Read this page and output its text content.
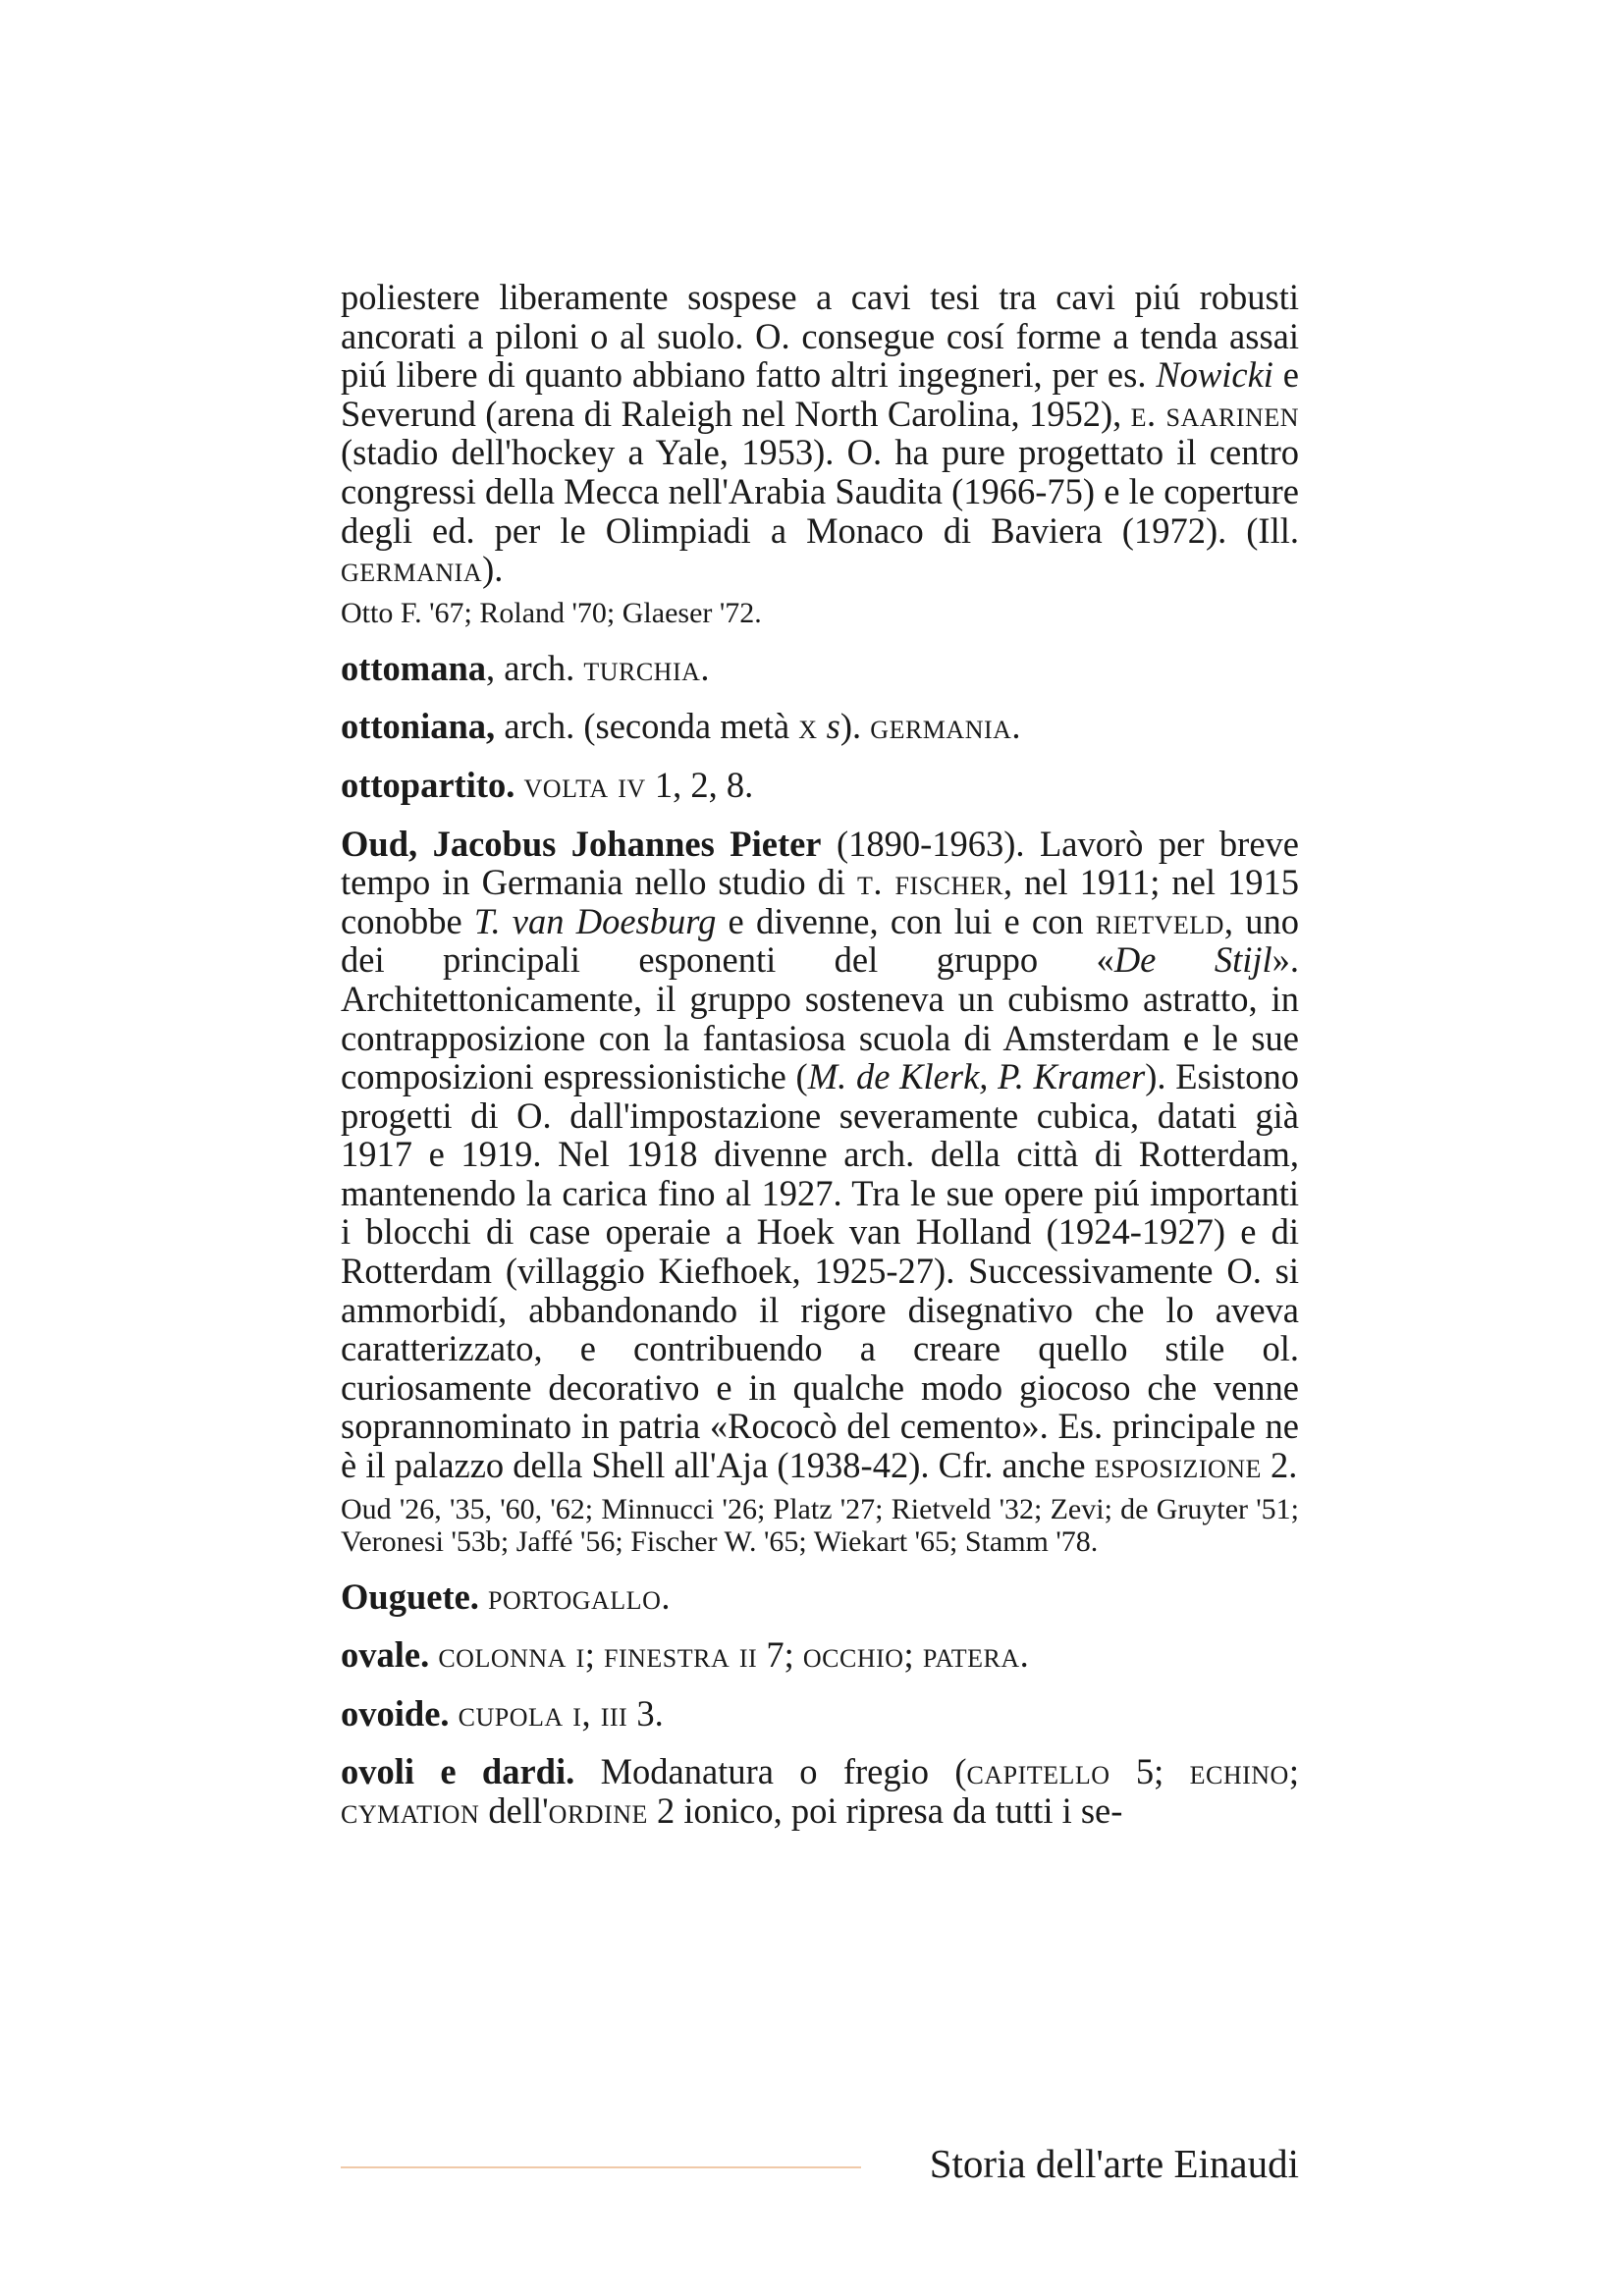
poliestere liberamente sospese a cavi tesi tra cavi piú robusti ancorati a piloni o al suolo. O. consegue cosí forme a tenda assai piú libere di quanto abbiano fatto altri ingegneri, per es. Nowicki e Severund (arena di Raleigh nel North Carolina, 1952), e. saarinen (stadio dell'hockey a Yale, 1953). O. ha pure progettato il centro congressi della Mecca nell'Arabia Saudita (1966-75) e le coperture degli ed. per le Olimpiadi a Monaco di Baviera (1972). (Ill. germania).

Otto F. '67; Roland '70; Glaeser '72.

ottomana, arch. turchia.

ottoniana, arch. (seconda metà x s). germania.

ottopartito. volta iv 1, 2, 8.

Oud, Jacobus Johannes Pieter (1890-1963). Lavorò per breve tempo in Germania nello studio di t. fischer, nel 1911; nel 1915 conobbe T. van Doesburg e divenne, con lui e con rietveld, uno dei principali esponenti del gruppo «De Stijl». Architettonicamente, il gruppo sosteneva un cubismo astratto, in contrapposizione con la fantasiosa scuola di Amsterdam e le sue composizioni espressionistiche (M. de Klerk, P. Kramer). Esistono progetti di O. dall'impostazione severamente cubica, datati già 1917 e 1919. Nel 1918 divenne arch. della città di Rotterdam, mantenendo la carica fino al 1927. Tra le sue opere piú importanti i blocchi di case operaie a Hoek van Holland (1924-1927) e di Rotterdam (villaggio Kiefhoek, 1925-27). Successivamente O. si ammorbidí, abbandonando il rigore disegnativo che lo aveva caratterizzato, e contribuendo a creare quello stile ol. curiosamente decorativo e in qualche modo giocoso che venne soprannominato in patria «Rococò del cemento». Es. principale ne è il palazzo della Shell all'Aja (1938-42). Cfr. anche esposizione 2.

Oud '26, '35, '60, '62; Minnucci '26; Platz '27; Rietveld '32; Zevi; de Gruyter '51; Veronesi '53b; Jaffé '56; Fischer W. '65; Wiekart '65; Stamm '78.

Ouguete. portogallo.

ovale. colonna i; finestra ii 7; occhio; patera.

ovoide. cupola i, iii 3.

ovoli e dardi. Modanatura o fregio (capitello 5; echino; cymation dell'ordine 2 ionico, poi ripresa da tutti i se-

Storia dell'arte Einaudi
